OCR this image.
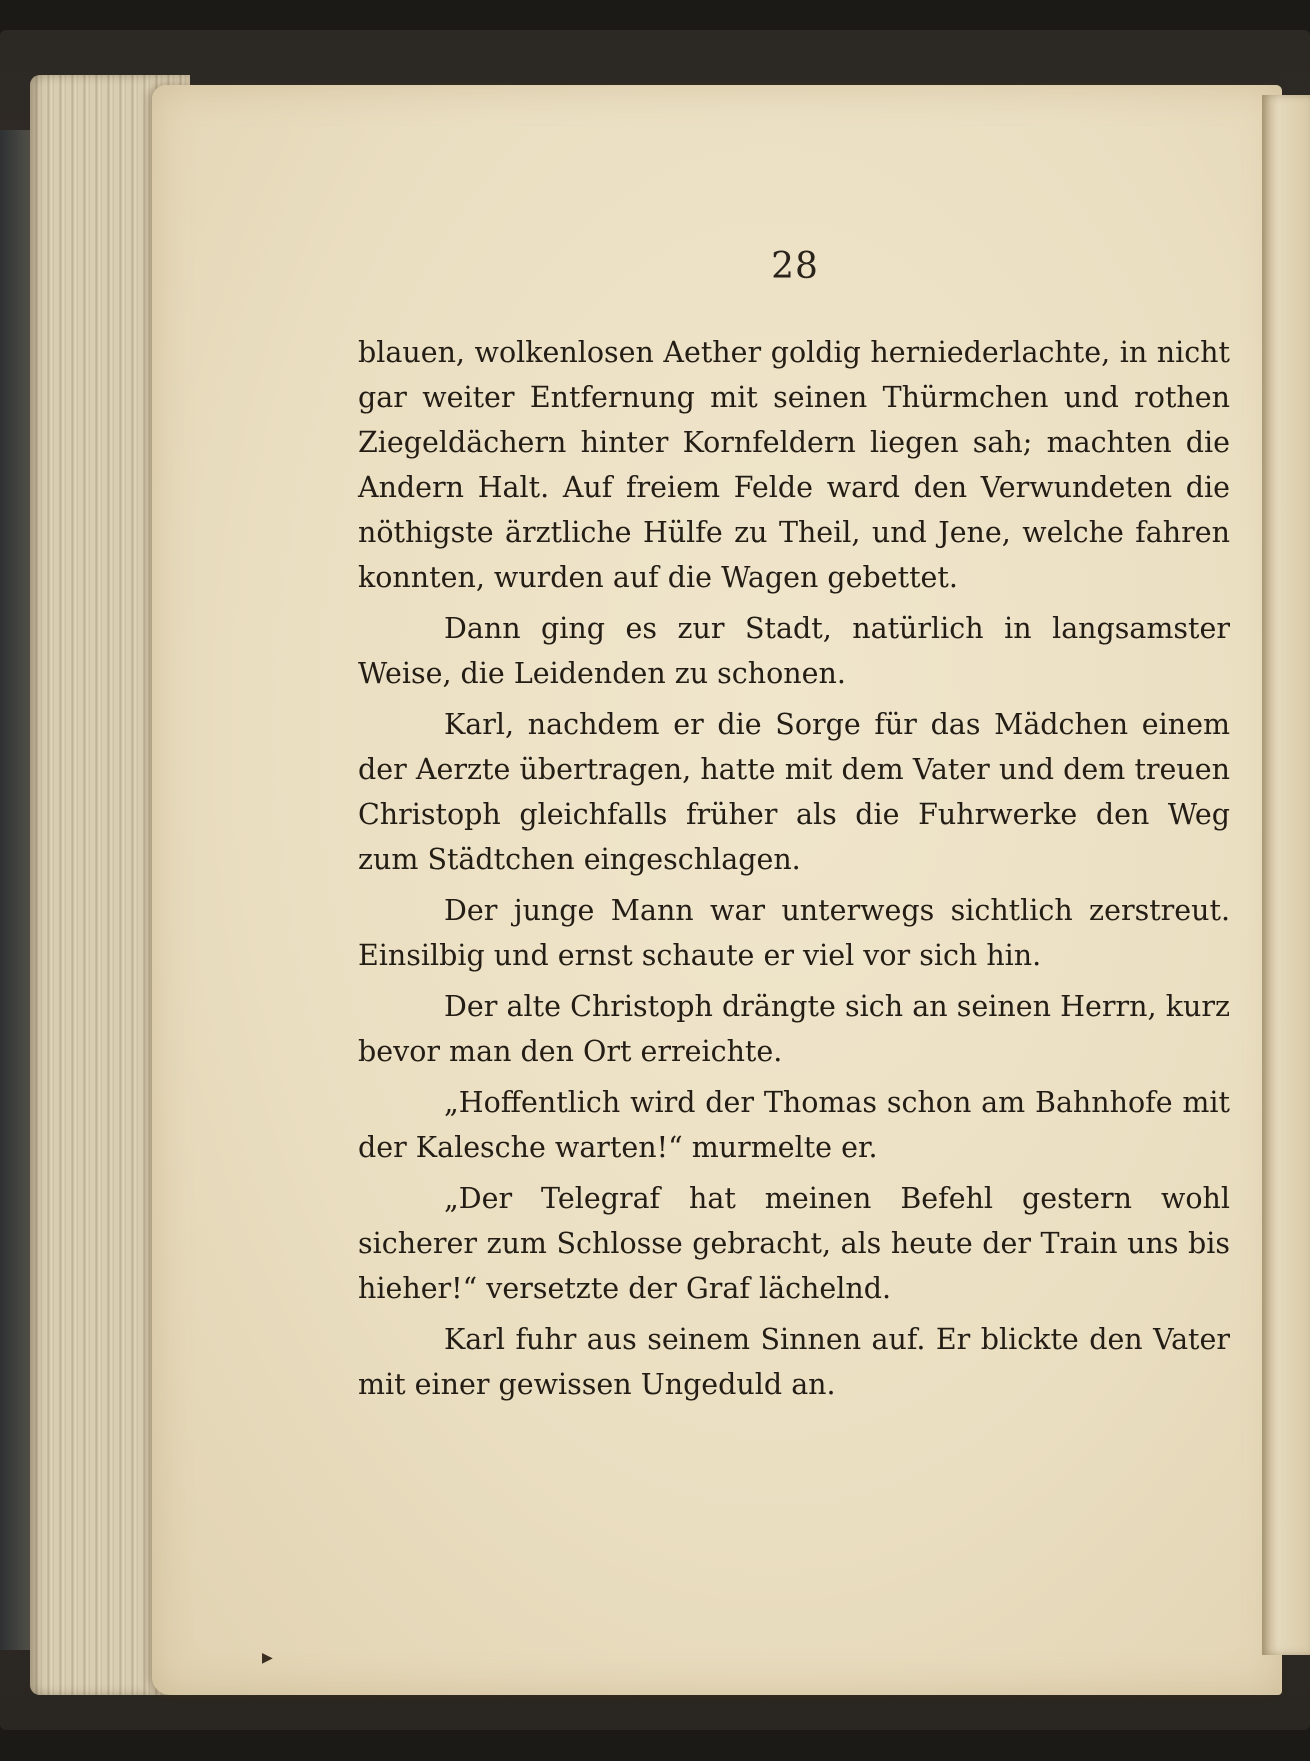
28

blauen, wolkenlosen Aether goldig herniederlachte, in nicht gar weiter Entfernung mit seinen Thürmchen und rothen Ziegeldächern hinter Kornfeldern liegen sah; machten die Andern Halt. Auf freiem Felde ward den Verwundeten die nöthigste ärztliche Hülfe zu Theil, und Jene, welche fahren konnten, wurden auf die Wagen gebettet.

Dann ging es zur Stadt, natürlich in langsamster Weise, die Leidenden zu schonen.

Karl, nachdem er die Sorge für das Mädchen einem der Aerzte übertragen, hatte mit dem Vater und dem treuen Christoph gleichfalls früher als die Fuhrwerke den Weg zum Städtchen eingeschlagen.

Der junge Mann war unterwegs sichtlich zerstreut. Einsilbig und ernst schaute er viel vor sich hin.

Der alte Christoph drängte sich an seinen Herrn, kurz bevor man den Ort erreichte.

„Hoffentlich wird der Thomas schon am Bahnhofe mit der Kalesche warten!“ murmelte er.

„Der Telegraf hat meinen Befehl gestern wohl sicherer zum Schlosse gebracht, als heute der Train uns bis hieher!“ versetzte der Graf lächelnd.

Karl fuhr aus seinem Sinnen auf. Er blickte den Vater mit einer gewissen Ungeduld an.

▶
